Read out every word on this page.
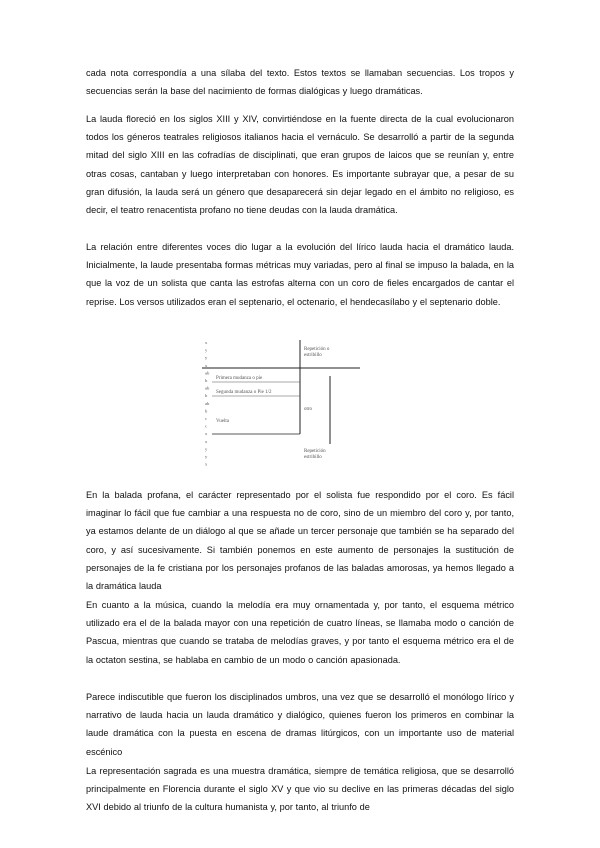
cada nota correspondía a una sílaba del texto. Estos textos se llamaban secuencias. Los tropos y secuencias serán la base del nacimiento de formas dialógicas y luego dramáticas.

La lauda floreció en los siglos XIII y XIV, convirtiéndose en la fuente directa de la cual evolucionaron todos los géneros teatrales religiosos italianos hacia el vernáculo. Se desarrolló a partir de la segunda mitad del siglo XIII en las cofradías de disciplinati, que eran grupos de laicos que se reunían y, entre otras cosas, cantaban y luego interpretaban con honores. Es importante subrayar que, a pesar de su gran difusión, la lauda será un género que desaparecerá sin dejar legado en el ámbito no religioso, es decir, el teatro renacentista profano no tiene deudas con la lauda dramática.

La relación entre diferentes voces dio lugar a la evolución del lírico lauda hacia el dramático lauda. Inicialmente, la laude presentaba formas métricas muy variadas, pero al final se impuso la balada, en la que la voz de un solista que canta las estrofas alterna con un coro de fieles encargados de cantar el reprise. Los versos utilizados eran el septenario, el octenario, el hendecasílabo y el septenario doble.

Repetición o
estribillo
otro
Repetición
estribillo
Primera mudanza o pie
Segunda mudanza o Pie 1/2
Vuelta
x
y
y
x
ab
b
ab
b
ab
b
c
c
x
x
y
y
x

En la balada profana, el carácter representado por el solista fue respondido por el coro. Es fácil imaginar lo fácil que fue cambiar a una respuesta no de coro, sino de un miembro del coro y, por tanto, ya estamos delante de un diálogo al que se añade un tercer personaje que también se ha separado del coro, y así sucesivamente. Si también ponemos en este aumento de personajes la sustitución de personajes de la fe cristiana por los personajes profanos de las baladas amorosas, ya hemos llegado a la dramática lauda

En cuanto a la música, cuando la melodía era muy ornamentada y, por tanto, el esquema métrico utilizado era el de la balada mayor con una repetición de cuatro líneas, se llamaba modo o canción de Pascua, mientras que cuando se trataba de melodías graves, y por tanto el esquema métrico era el de la octaton sestina, se hablaba en cambio de un modo o canción apasionada.

Parece indiscutible que fueron los disciplinados umbros, una vez que se desarrolló el monólogo lírico y narrativo de lauda hacia un lauda dramático y dialógico, quienes fueron los primeros en combinar la laude dramática con la puesta en escena de dramas litúrgicos, con un importante uso de material escénico

La representación sagrada es una muestra dramática, siempre de temática religiosa, que se desarrolló principalmente en Florencia durante el siglo XV y que vio su declive en las primeras décadas del siglo XVI debido al triunfo de la cultura humanista y, por tanto, al triunfo de
